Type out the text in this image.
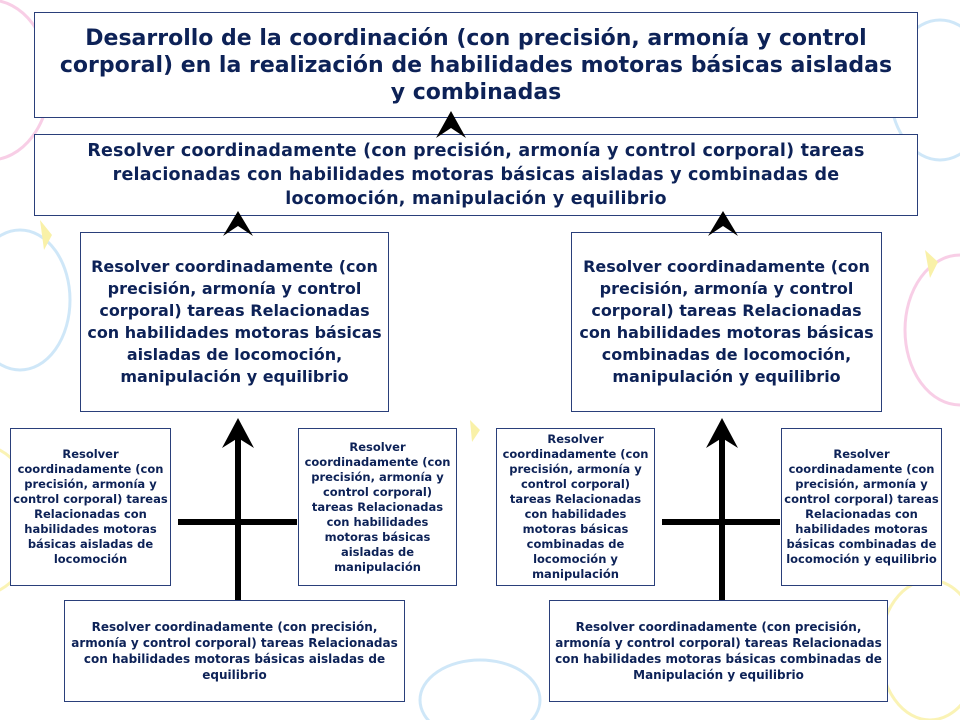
Desarrollo de la coordinación (con precisión, armonía y control corporal) en la realización de habilidades motoras básicas aisladas y combinadas
Resolver coordinadamente (con precisión, armonía y control corporal) tareas relacionadas con habilidades motoras básicas aisladas y combinadas de locomoción, manipulación y equilibrio
Resolver coordinadamente (con precisión, armonía y control corporal) tareas Relacionadas con habilidades motoras básicas aisladas de locomoción, manipulación y equilibrio
Resolver coordinadamente (con precisión, armonía y control corporal) tareas Relacionadas con habilidades motoras básicas combinadas de locomoción, manipulación y equilibrio
Resolver coordinadamente (con precisión, armonía y control corporal) tareas Relacionadas con habilidades motoras básicas aisladas de locomoción
Resolver coordinadamente (con precisión, armonía y control corporal) tareas Relacionadas con habilidades motoras básicas aisladas de manipulación
Resolver coordinadamente (con precisión, armonía y control corporal) tareas Relacionadas con habilidades motoras básicas combinadas de locomoción y manipulación
Resolver coordinadamente (con precisión, armonía y control corporal) tareas Relacionadas con habilidades motoras básicas combinadas de locomoción y equilibrio
Resolver coordinadamente (con precisión, armonía y control corporal) tareas Relacionadas con habilidades motoras básicas aisladas de equilibrio
Resolver coordinadamente (con precisión, armonía y control corporal) tareas Relacionadas con habilidades motoras básicas combinadas de Manipulación y equilibrio
